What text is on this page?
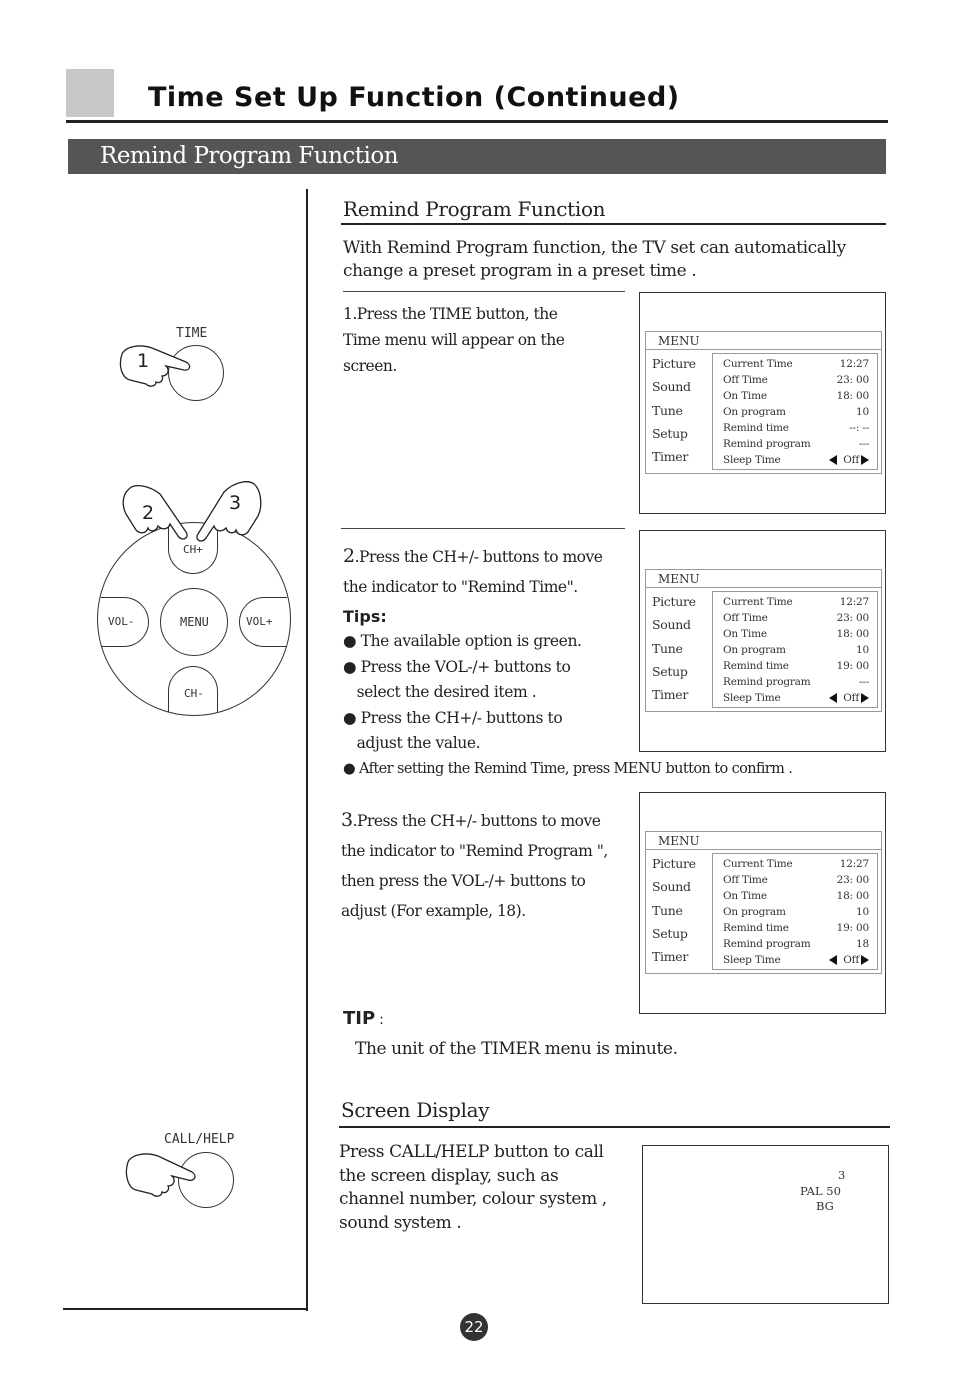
Time Set Up Function (Continued)
Remind Program Function
TIME
1
MENU
CH+
CH-
VOL-	VOL+
2	3
CALL/HELP
Remind Program Function
With Remind Program function, the TV set can automatically
change a preset program in a preset time .
1.Press the TIME button, the
Time menu will appear on the
screen.
MENU
Picture
Sound
Tune
Setup
Timer
Current Time	12:27
Off Time	23: 00
On Time	18: 00
On program	10
Remind time	--: --
Remind program	---
Sleep Time	Off
2.Press the CH+/- buttons to move
the indicator to "Remind Time".
Tips:
● The available option is green.
● Press the VOL-/+ buttons to
select the desired item .
● Press the CH+/- buttons to
adjust the value.
● After setting the Remind Time, press MENU button to confirm .
MENU
Picture
Sound
Tune
Setup
Timer
Current Time	12:27
Off Time	23: 00
On Time	18: 00
On program	10
Remind time	19: 00
Remind program	---
Sleep Time	Off
3.Press the CH+/- buttons to move
the indicator to "Remind Program ",
then press the VOL-/+ buttons to
adjust (For example, 18).
MENU
Picture
Sound
Tune
Setup
Timer
Current Time	12:27
Off Time	23: 00
On Time	18: 00
On program	10
Remind time	19: 00
Remind program	18
Sleep Time	Off
TIP :
The unit of the TIMER menu is minute.
Screen Display
Press CALL/HELP button to call
the screen display, such as
channel number, colour system ,
sound system .
3
PAL 50
BG
22
